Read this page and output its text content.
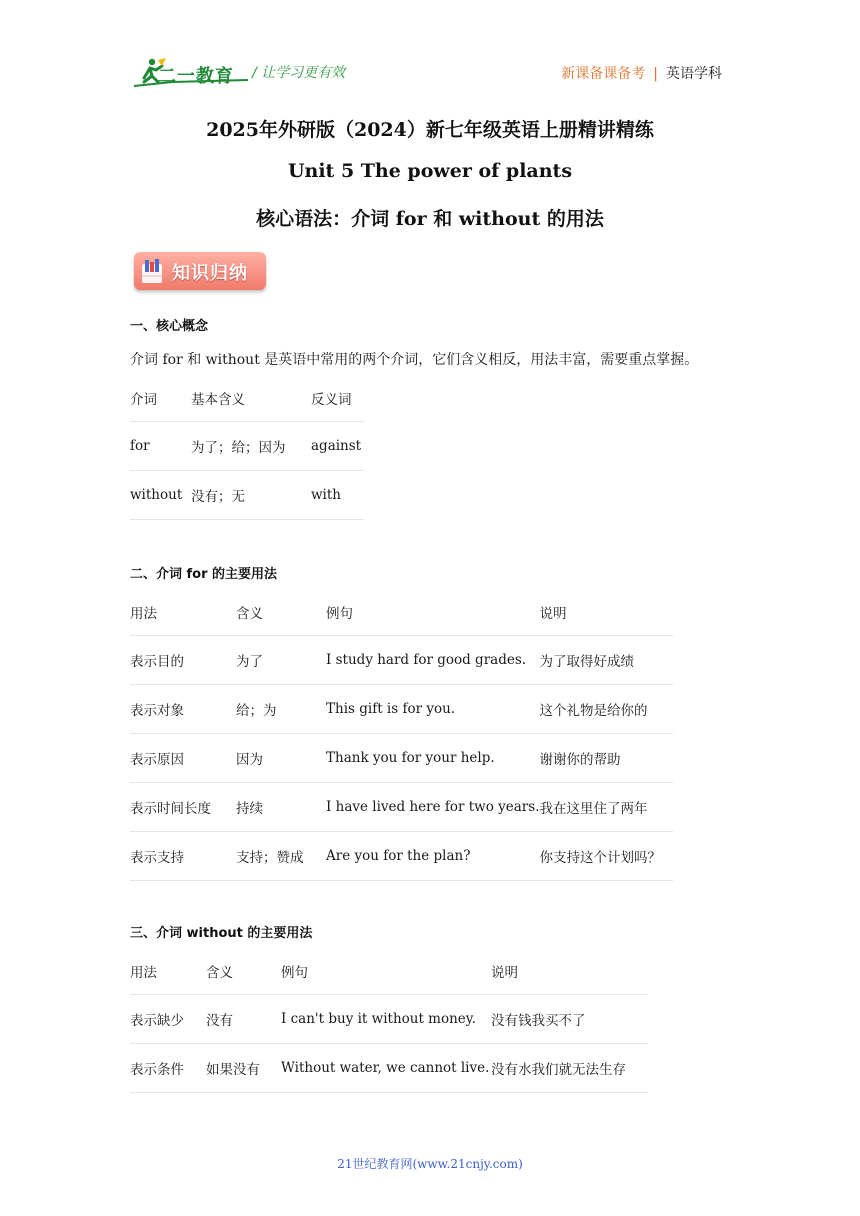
二一教育 / 让学习更有效	新课备课备考 | 英语学科
2025年外研版（2024）新七年级英语上册精讲精练
Unit 5 The power of plants
核心语法：介词 for 和 without 的用法
知识归纳
一、核心概念
介词 for 和 without 是英语中常用的两个介词，它们含义相反，用法丰富，需要重点掌握。
介词	基本含义	反义词
for	为了；给；因为	against
without	没有；无	with
二、介词 for 的主要用法
用法	含义	例句	说明
表示目的	为了	I study hard for good grades.	为了取得好成绩
表示对象	给；为	This gift is for you.	这个礼物是给你的
表示原因	因为	Thank you for your help.	谢谢你的帮助
表示时间长度	持续	I have lived here for two years.	我在这里住了两年
表示支持	支持；赞成	Are you for the plan?	你支持这个计划吗？
三、介词 without 的主要用法
用法	含义	例句	说明
表示缺少	没有	I can't buy it without money.	没有钱我买不了
表示条件	如果没有	Without water, we cannot live.	没有水我们就无法生存
21世纪教育网(www.21cnjy.com)
